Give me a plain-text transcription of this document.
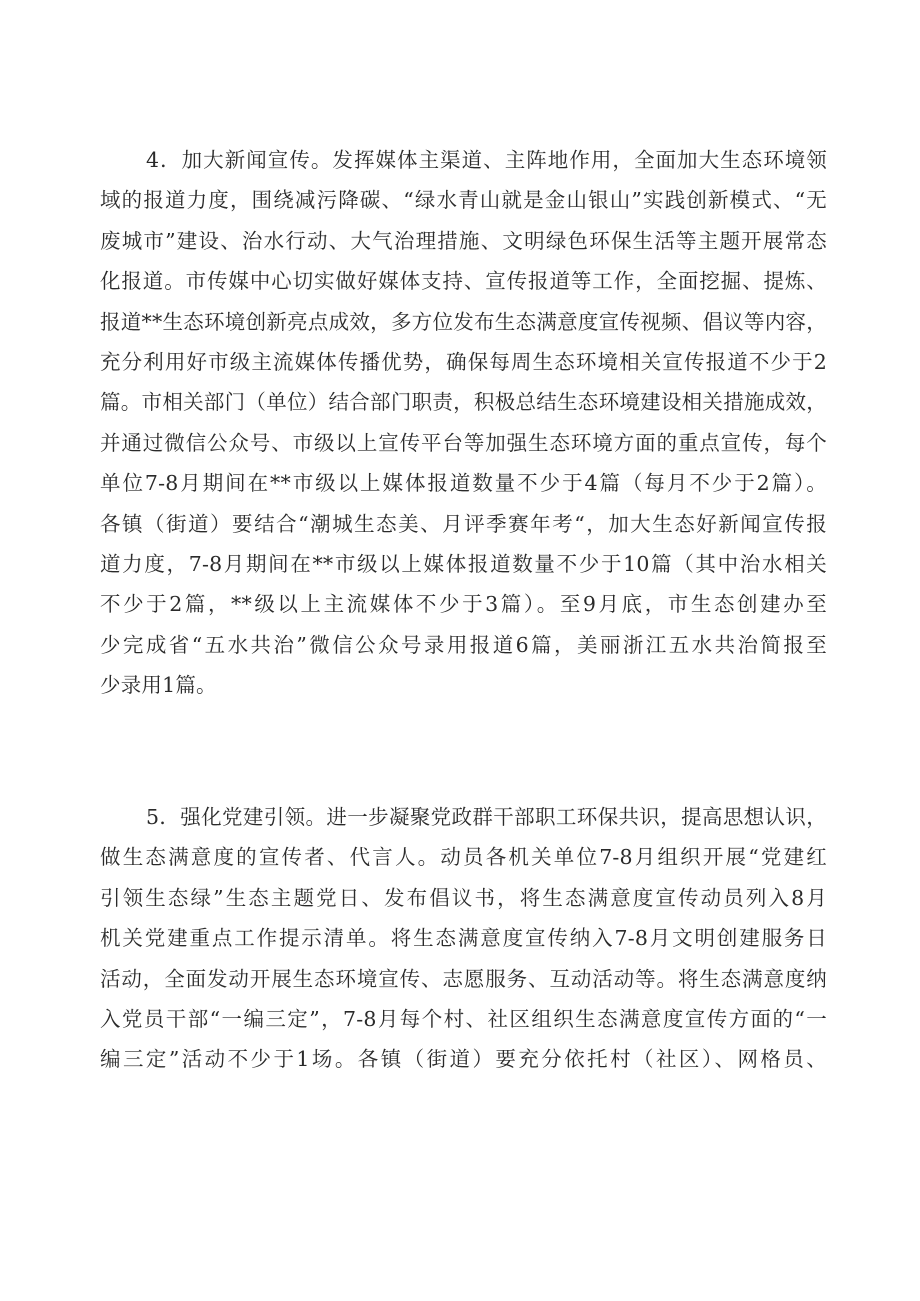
4．加大新闻宣传。发挥媒体主渠道、主阵地作用，全面加大生态环境领
域的报道力度，围绕减污降碳、“绿水青山就是金山银山”实践创新模式、“无
废城市”建设、治水行动、大气治理措施、文明绿色环保生活等主题开展常态
化报道。市传媒中心切实做好媒体支持、宣传报道等工作，全面挖掘、提炼、
报道**生态环境创新亮点成效，多方位发布生态满意度宣传视频、倡议等内容，
充分利用好市级主流媒体传播优势，确保每周生态环境相关宣传报道不少于2
篇。市相关部门（单位）结合部门职责，积极总结生态环境建设相关措施成效，
并通过微信公众号、市级以上宣传平台等加强生态环境方面的重点宣传，每个
单位7-8月期间在**市级以上媒体报道数量不少于4篇（每月不少于2篇）。
各镇（街道）要结合“潮城生态美、月评季赛年考“，加大生态好新闻宣传报
道力度，7-8月期间在**市级以上媒体报道数量不少于10篇（其中治水相关
不少于2篇，**级以上主流媒体不少于3篇）。至9月底，市生态创建办至
少完成省“五水共治”微信公众号录用报道6篇，美丽浙江五水共治简报至
少录用1篇。
5．强化党建引领。进一步凝聚党政群干部职工环保共识，提高思想认识，
做生态满意度的宣传者、代言人。动员各机关单位7-8月组织开展“党建红
引领生态绿”生态主题党日、发布倡议书，将生态满意度宣传动员列入8月
机关党建重点工作提示清单。将生态满意度宣传纳入7-8月文明创建服务日
活动，全面发动开展生态环境宣传、志愿服务、互动活动等。将生态满意度纳
入党员干部“一编三定”，7-8月每个村、社区组织生态满意度宣传方面的“一
编三定”活动不少于1场。各镇（街道）要充分依托村（社区）、网格员、
